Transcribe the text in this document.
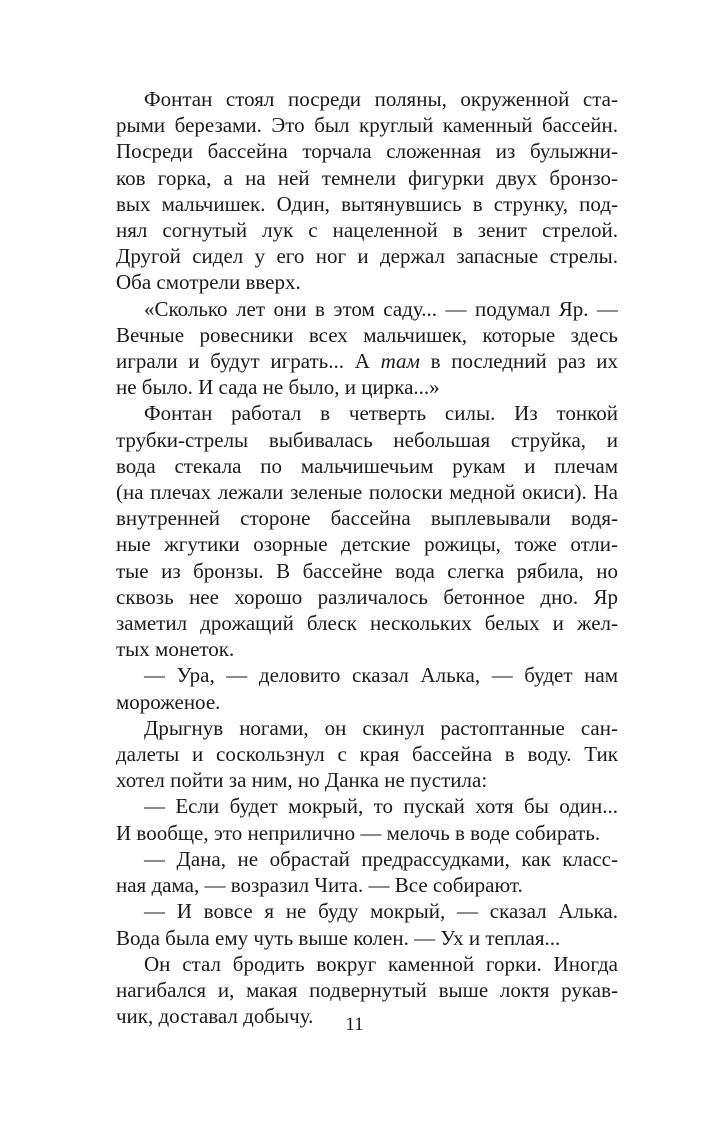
Фонтан стоял посреди поляны, окруженной ста-
рыми березами. Это был круглый каменный бассейн.
Посреди бассейна торчала сложенная из булыжни-
ков горка, а на ней темнели фигурки двух бронзо-
вых мальчишек. Один, вытянувшись в струнку, под-
нял согнутый лук с нацеленной в зенит стрелой.
Другой сидел у его ног и держал запасные стрелы.
Оба смотрели вверх.

«Сколько лет они в этом саду... — подумал Яр. —
Вечные ровесники всех мальчишек, которые здесь
играли и будут играть... А там в последний раз их
не было. И сада не было, и цирка...»

Фонтан работал в четверть силы. Из тонкой
трубки-стрелы выбивалась небольшая струйка, и
вода стекала по мальчишечьим рукам и плечам
(на плечах лежали зеленые полоски медной окиси). На
внутренней стороне бассейна выплевывали водя-
ные жгутики озорные детские рожицы, тоже отли-
тые из бронзы. В бассейне вода слегка рябила, но
сквозь нее хорошо различалось бетонное дно. Яр
заметил дрожащий блеск нескольких белых и жел-
тых монеток.

— Ура, — деловито сказал Алька, — будет нам
мороженое.

Дрыгнув ногами, он скинул растоптанные сан-
далеты и соскользнул с края бассейна в воду. Тик
хотел пойти за ним, но Данка не пустила:

— Если будет мокрый, то пускай хотя бы один...
И вообще, это неприлично — мелочь в воде собирать.

— Дана, не обрастай предрассудками, как класс-
ная дама, — возразил Чита. — Все собирают.

— И вовсе я не буду мокрый, — сказал Алька.
Вода была ему чуть выше колен. — Ух и теплая...

Он стал бродить вокруг каменной горки. Иногда
нагибался и, макая подвернутый выше локтя рукав-
чик, доставал добычу.	11
